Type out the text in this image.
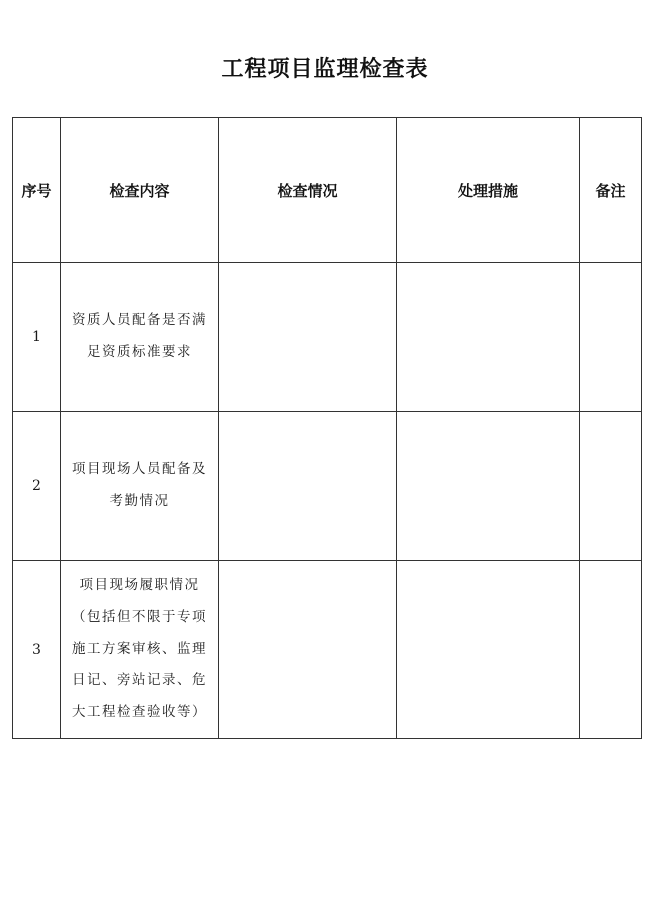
工程项目监理检查表
序号	检查内容	检查情况	处理措施	备注
1	资质人员配备是否满
足资质标准要求			
2	项目现场人员配备及
考勤情况			
3	项目现场履职情况
（包括但不限于专项
施工方案审核、监理
日记、旁站记录、危
大工程检查验收等）			
